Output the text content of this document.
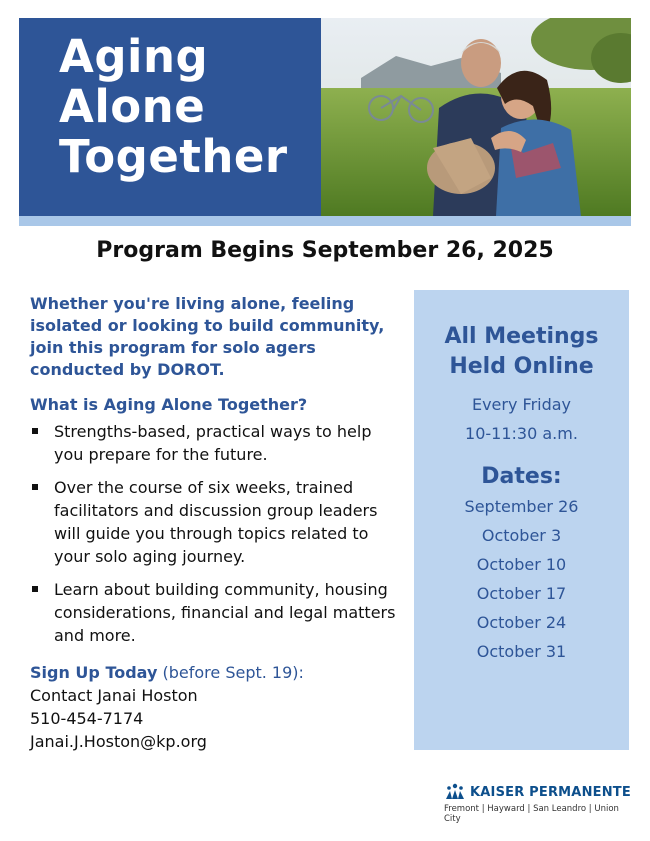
Aging
Alone
Together
Program Begins September 26, 2025

Whether you're living alone, feeling isolated or looking to build community, join this program for solo agers conducted by DOROT.

What is Aging Alone Together?
Strengths-based, practical ways to help you prepare for the future.
Over the course of six weeks, trained facilitators and discussion group leaders will guide you through topics related to your solo aging journey.
Learn about building community, housing considerations, financial and legal matters and more.
Sign Up Today (before Sept. 19):
Contact Janai Hoston
510-454-7174
Janai.J.Hoston@kp.org
All Meetings
Held Online
Every Friday
10-11:30 a.m.
Dates:
September 26
October 3
October 10
October 17
October 24
October 31
KAISER PERMANENTE
Fremont | Hayward | San Leandro | Union City
